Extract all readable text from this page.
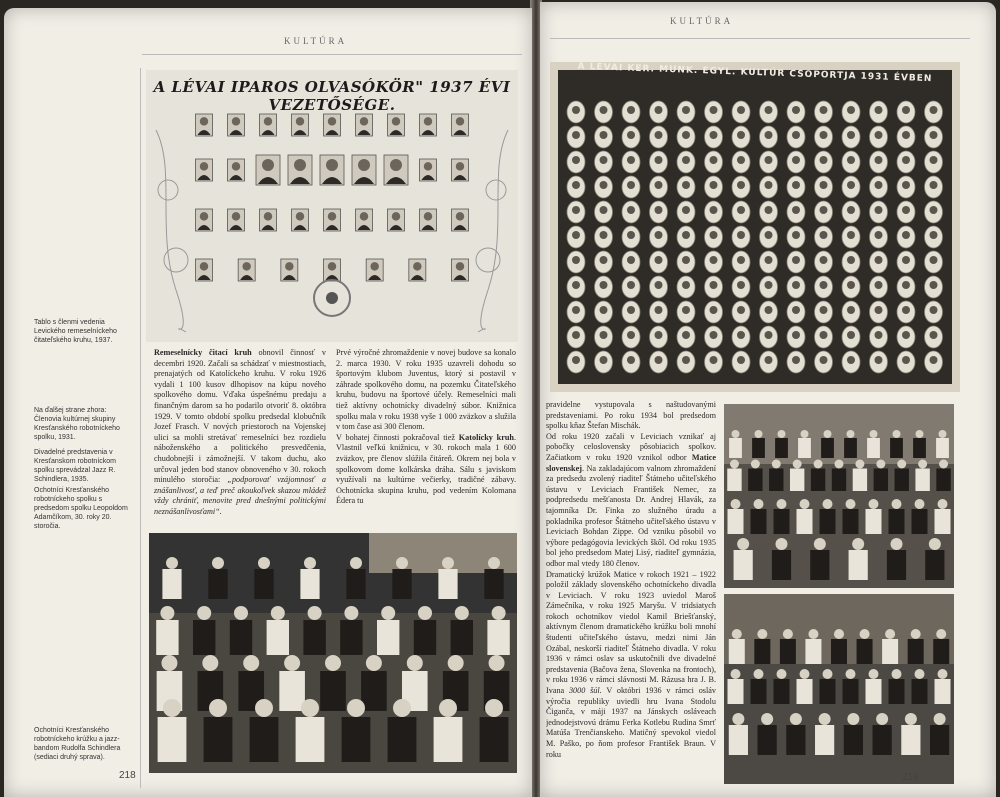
KULTÚRA
A LÉVAI IPAROS OLVASÓKÖR" 1937 ÉVI VEZETŐSÉGE.
Tablo s členmi vedenia Levického remeselníckeho čitateľského kruhu, 1937.
Na ďalšej strane zhora: Členovia kultúrnej skupiny Kresťanského robotníckeho spolku, 1931.
Divadelné predstavenia v Kresťanskom robotníckom spolku sprevádzal Jazz R. Schindlera, 1935.
Ochotníci Kresťanského robotníckeho spolku s predsedom spolku Leopoldom Adamčíkom, 30. roky 20. storočia.
Ochotníci Kresťanského robotníckeho krúžku a jazz-bandom Rudolfa Schindlera (sediaci druhý sprava).
Remeselnícky čitací kruh obnovil činnosť v decembri 1920. Začali sa schádzať v miestnostiach, prenajatých od Katolíckeho kruhu. V roku 1926 vydali 1 100 kusov dlhopisov na kúpu nového spolkového domu. Vďaka úspešnému predaju a finančným darom sa ho podarilo otvoriť 8. októbra 1929. V tomto období spolku predsedal klobučník Jozef Frasch. V nových priestoroch na Vojenskej ulici sa mohli stretávať remeselníci bez rozdielu náboženského a politického presvedčenia, chudobnejší i zámožnejší. V takom duchu, ako určoval jeden bod stanov obnoveného v 30. rokoch minulého storočia: „podporovať vzájomnosť a znášanlivosť, a teď preč akoukoľvek skazou mládež vždy chrániť, menovite pred dnešnými politickými neznášanlivosťami“.
Prvé výročné zhromaždenie v novej budove sa konalo 2. marca 1930. V roku 1935 uzavreli dohodu so športovým klubom Juventus, ktorý si postavil v záhrade spolkového domu, na pozemku Čitateľského kruhu, budovu na športové účely. Remeselníci mali tiež aktívny ochotnícky divadelný súbor. Knižnica spolku mala v roku 1938 vyše 1 000 zväzkov a služila v tom čase asi 300 členom.
V bohatej činnosti pokračoval tiež Katolícky kruh. Vlastnil veľkú knižnicu, v 30. rokoch mala 1 600 zväzkov, pre členov slúžila čitáreň. Okrem nej bola v spolkovom dome kolkárska dráha. Sálu s javiskom využívali na kultúrne večierky, tradičné zábavy. Ochotnícka skupina kruhu, pod vedením Kolomana Édera tu
218
KULTÚRA
A LÉVAI KER. MUNK. EGYL. KULTÚR CSOPORTJA 1931 ÉVBEN
pravidelne vystupovala s naštudovanými predstaveniami. Po roku 1934 bol predsedom spolku kňaz Štefan Mischák.
Od roku 1920 začali v Leviciach vznikať aj pobočky celoslovensky pôsobiacich spolkov. Začiatkom v roku 1920 vznikol odbor Matice slovenskej. Na zakladajúcom valnom zhromaždení za predsedu zvolený riaditeľ Štátneho učiteľského ústavu v Leviciach František Nemec, za podpredsedu mešťanosta Dr. Andrej Hlavák, za tajomníka Dr. Finka zo služného úradu a pokladníka profesor Štátneho učiteľského ústavu v Leviciach Bohdan Zippe. Od vzniku pôsobil vo výbore pedagógovia levických škôl. Od roku 1935 bol jeho predsedom Matej Lisý, riaditeľ gymnázia, odbor mal vtedy 180 členov.
Dramatický krúžok Matice v rokoch 1921 – 1922 položil základy slovenského ochotníckeho divadla v Leviciach. V roku 1923 uviedol Maroš Zámečníka, v roku 1925 Maryšu. V tridsiatych rokoch ochotníkov viedol Kamil Briešťanský, aktívnym členom dramatického krúžku boli mnohí študenti učiteľského ústavu, medzi nimi Ján Ozábal, neskorší riaditeľ Štátneho divadla. V roku 1936 v rámci oslav sa uskutočnili dve divadelné predstavenia (Bačova žena, Slovenka na frontoch), v roku 1936 v rámci slávnosti M. Rázusa hra J. B. Ivana 3000 šúl. V októbri 1936 v rámci osláv výročia republiky uviedli hru Ivana Stodolu Čiganča, v máji 1937 na Jánskych osláveach jednodejstvovú drámu Ferka Kotlebu Rudina Smrť Matúša Trenčianskeho. Matičný spevokol viedol M. Paško, po ňom profesor František Braun. V roku
219
